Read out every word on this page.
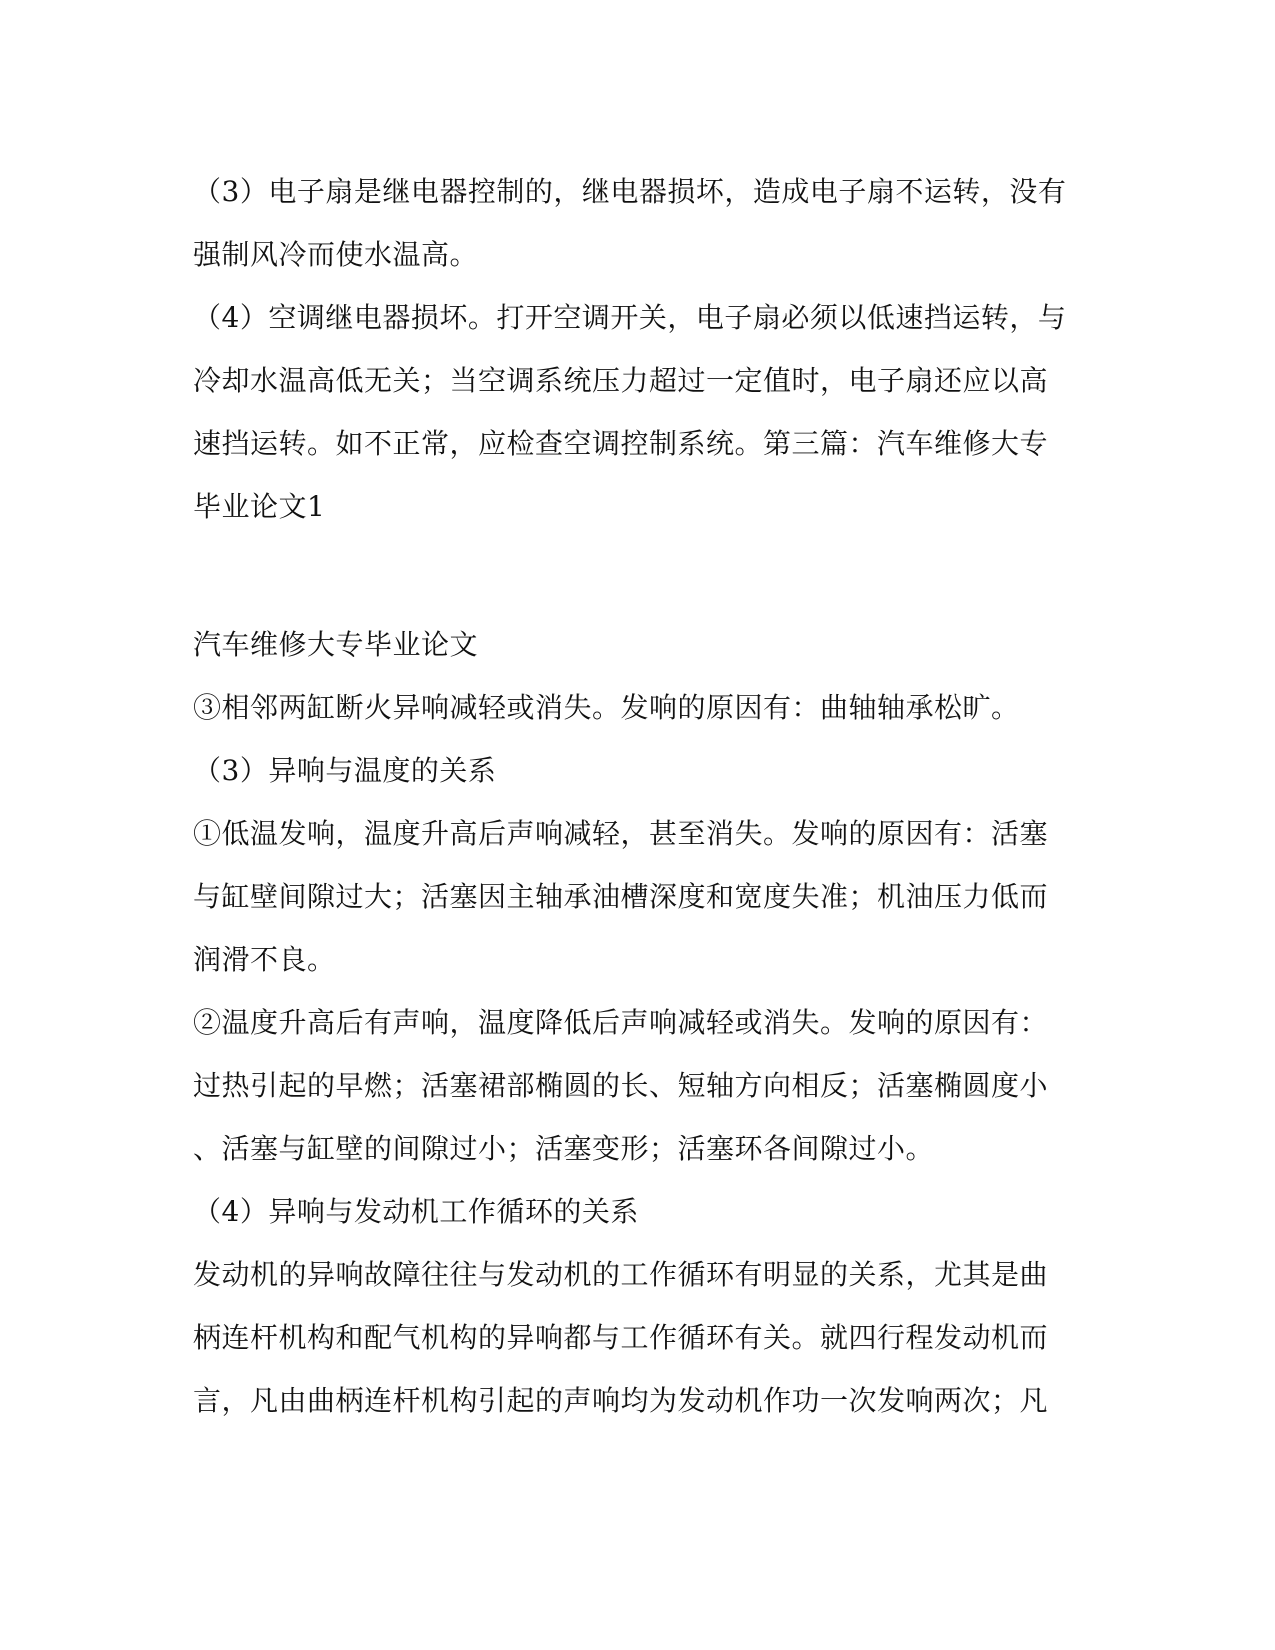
（3）电子扇是继电器控制的，继电器损坏，造成电子扇不运转，没有
强制风冷而使水温高。
（4）空调继电器损坏。打开空调开关，电子扇必须以低速挡运转，与
冷却水温高低无关；当空调系统压力超过一定值时，电子扇还应以高
速挡运转。如不正常，应检查空调控制系统。第三篇：汽车维修大专
毕业论文1
汽车维修大专毕业论文
③相邻两缸断火异响减轻或消失。发响的原因有：曲轴轴承松旷。
（3）异响与温度的关系
①低温发响，温度升高后声响减轻，甚至消失。发响的原因有：活塞
与缸壁间隙过大；活塞因主轴承油槽深度和宽度失准；机油压力低而
润滑不良。
②温度升高后有声响，温度降低后声响减轻或消失。发响的原因有：
过热引起的早燃；活塞裙部椭圆的长、短轴方向相反；活塞椭圆度小
、活塞与缸壁的间隙过小；活塞变形；活塞环各间隙过小。
（4）异响与发动机工作循环的关系
发动机的异响故障往往与发动机的工作循环有明显的关系，尤其是曲
柄连杆机构和配气机构的异响都与工作循环有关。就四行程发动机而
言，凡由曲柄连杆机构引起的声响均为发动机作功一次发响两次；凡
